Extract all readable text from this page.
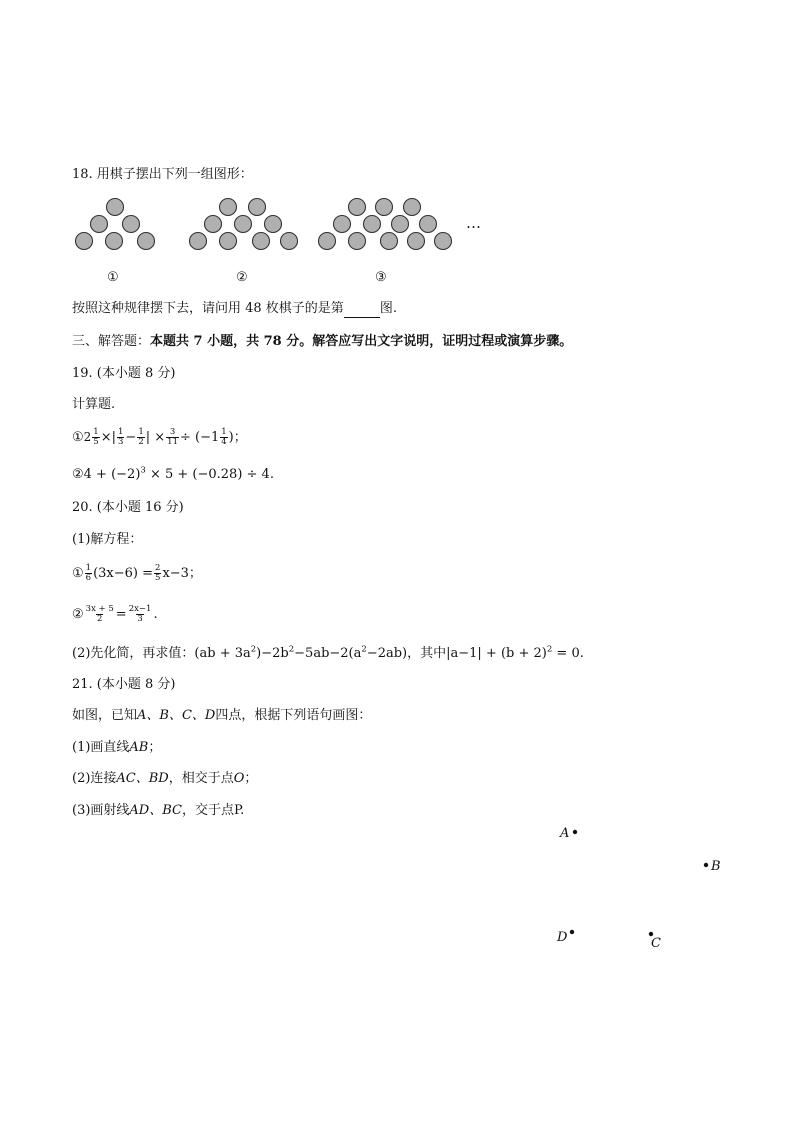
18. 用棋子摆出下列一组图形：
…
①	②	③
按照这种规律摆下去，请问用 48 枚棋子的是第	图.
三、解答题：本题共 7 小题，共 78 分。解答应写出文字说明，证明过程或演算步骤。
19. (本小题 8 分)
计算题.
①2 $\frac{1}{5}$ ×| $\frac{1}{3} - \frac{1}{2}$ | × $\frac{3}{11} \div (-1 \frac{1}{4}$ )；
②4 + $(-2)^3 \times 5 + (-0.28) \div 4$.
20. (本小题 16 分)
(1)解方程：
① $\frac{1}{6} (3x-6) = \frac{2}{5} x-3$；
② $\frac{3x + 5}{2} = \frac{2x-1}{3}$ .
(2)先化简，再求值：$(ab + 3a^2)-2b^2-5ab-2(a^2-2ab)$，其中$|a-1| + (b + 2)^2 = 0$.
21. (本小题 8 分)
如图，已知A、B、C、D四点，根据下列语句画图：
(1)画直线AB；
(2)连接AC、BD，相交于点O；
(3)画射线AD、BC，交于点P.
A
B
D	C
